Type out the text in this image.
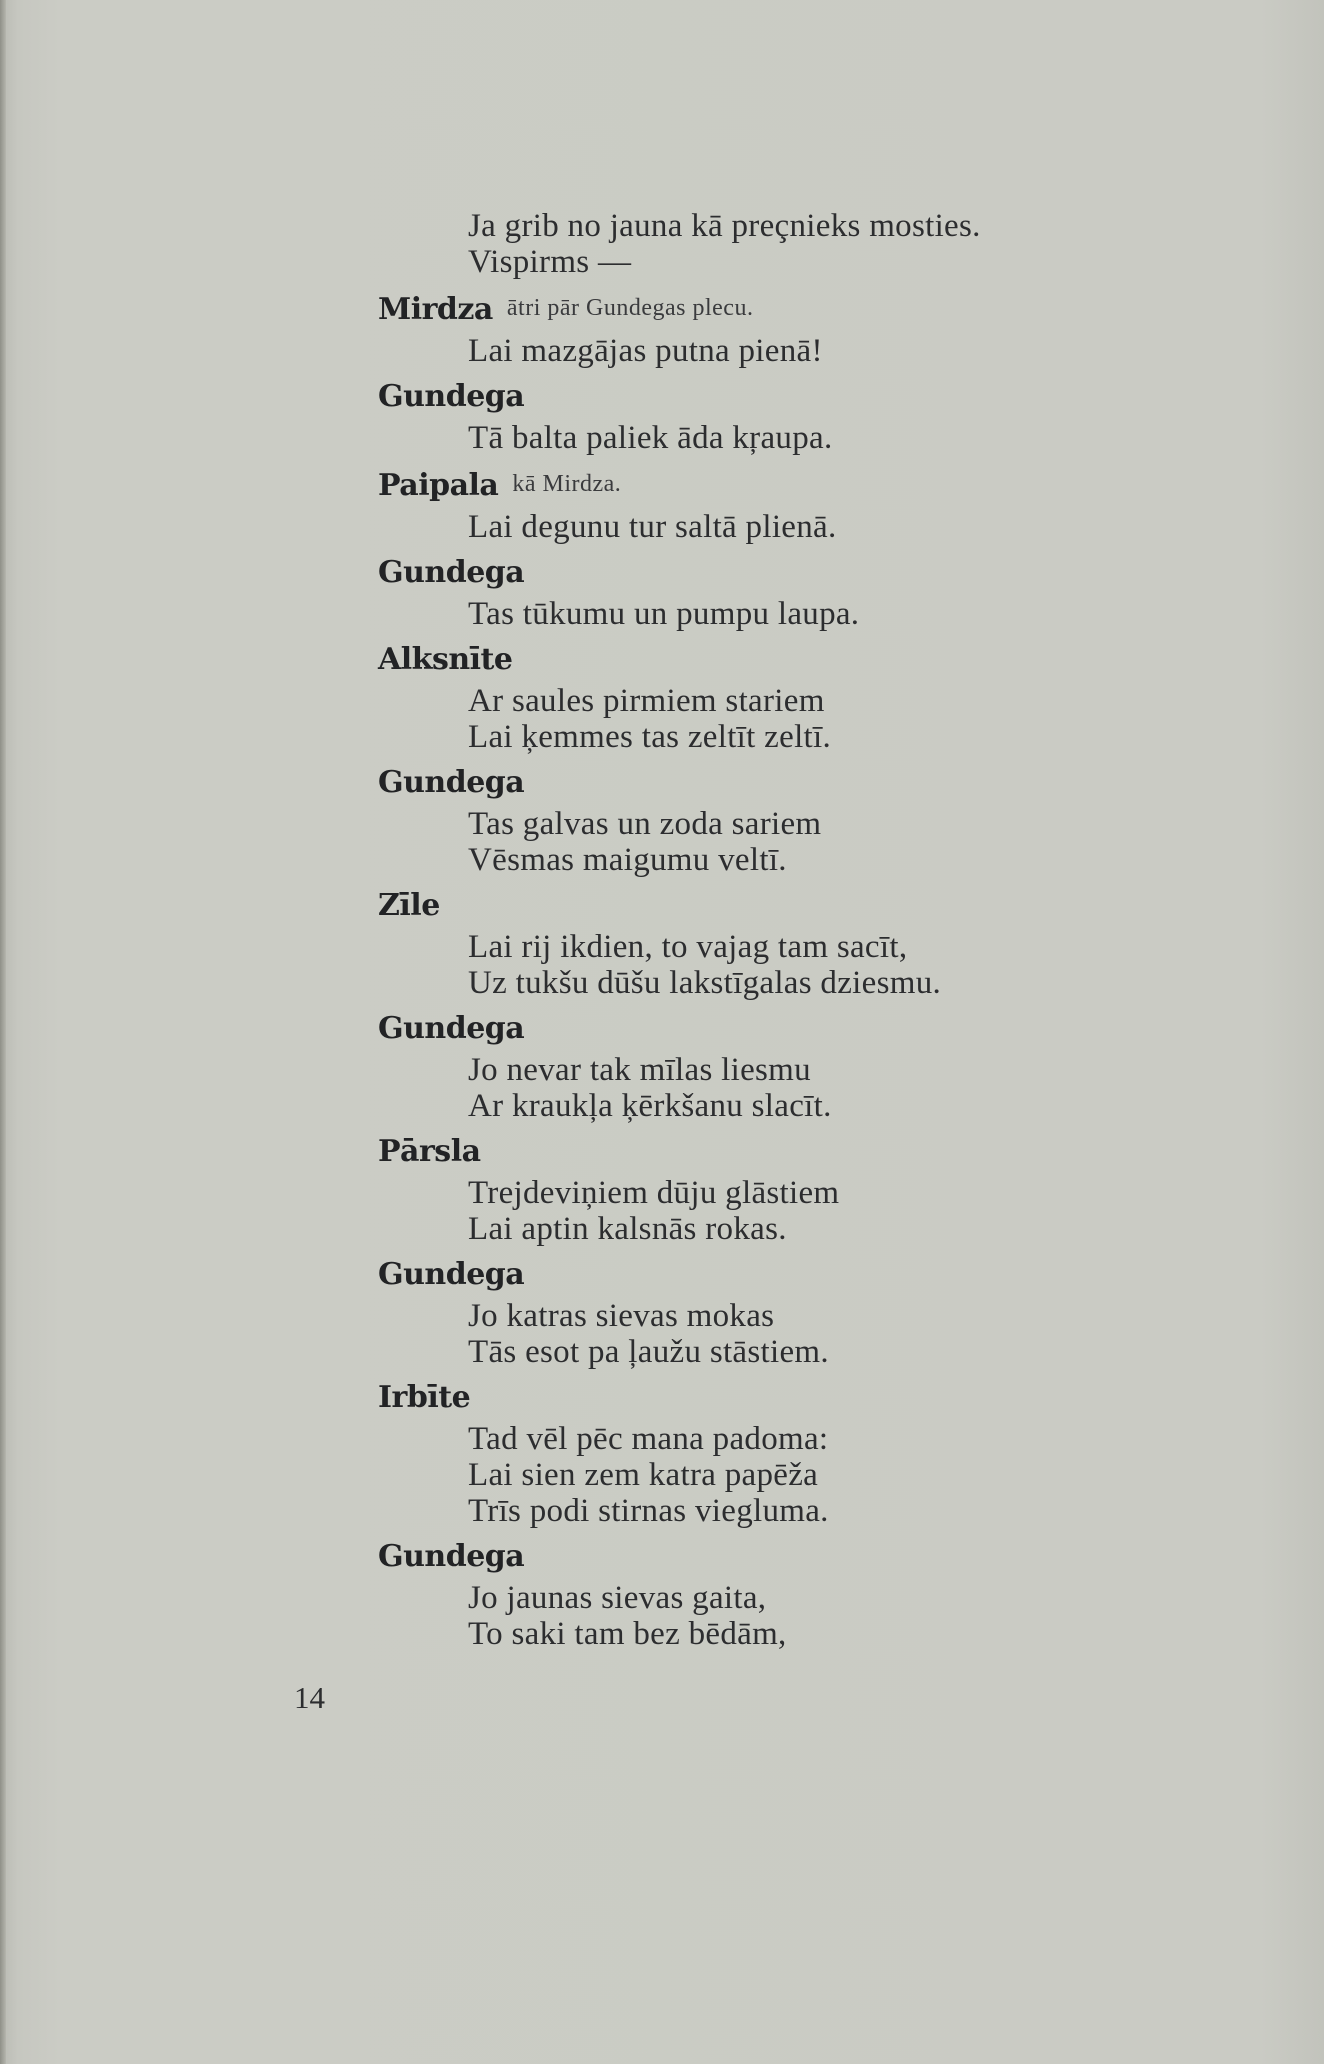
Ja grib no jauna kā preçnieks mosties.
Vispirms —
Mirdza ātri pār Gundegas plecu.
Lai mazgājas putna pienā!
Gundega
Tā balta paliek āda kŗaupa.
Paipala kā Mirdza.
Lai degunu tur saltā plienā.
Gundega
Tas tūkumu un pumpu laupa.
Alksnīte
Ar saules pirmiem stariem
Lai ķemmes tas zeltīt zeltī.
Gundega
Tas galvas un zoda sariem
Vēsmas maigumu veltī.
Zīle
Lai rij ikdien, to vajag tam sacīt,
Uz tukšu dūšu lakstīgalas dziesmu.
Gundega
Jo nevar tak mīlas liesmu
Ar kraukļa ķērkšanu slacīt.
Pārsla
Trejdeviņiem dūju glāstiem
Lai aptin kalsnās rokas.
Gundega
Jo katras sievas mokas
Tās esot pa ļaužu stāstiem.
Irbīte
Tad vēl pēc mana padoma:
Lai sien zem katra papēža
Trīs podi stirnas viegluma.
Gundega
Jo jaunas sievas gaita,
To saki tam bez bēdām,
14
